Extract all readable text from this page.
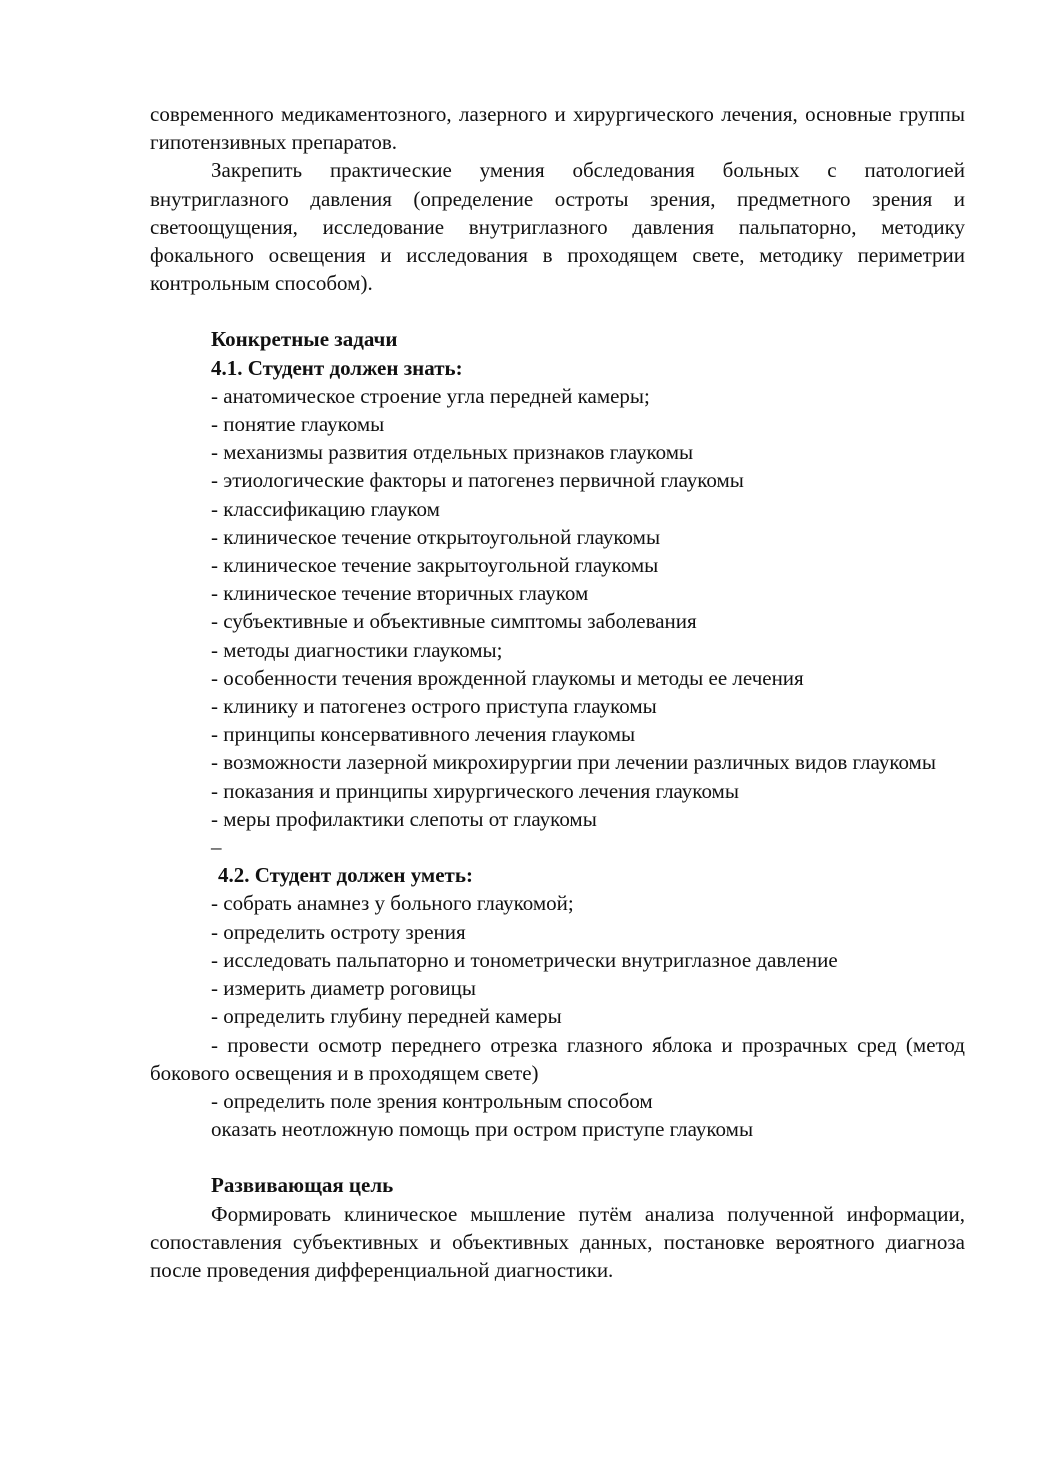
современного медикаментозного, лазерного и хирургического лечения, основные группы гипотензивных препаратов.

Закрепить практические умения обследования больных с патологией внутриглазного давления (определение остроты зрения, предметного зрения и светоощущения, исследование внутриглазного давления пальпаторно, методику фокального освещения и исследования в проходящем свете, методику периметрии контрольным способом).

Конкретные задачи

4.1. Студент должен знать:

- анатомическое строение угла передней камеры;

- понятие глаукомы

- механизмы развития отдельных признаков глаукомы

- этиологические факторы и патогенез первичной глаукомы

- классификацию глауком

- клиническое течение открытоугольной глаукомы

- клиническое течение закрытоугольной глаукомы

- клиническое течение вторичных глауком

- субъективные и объективные симптомы заболевания

- методы диагностики глаукомы;

- особенности течения врожденной глаукомы и методы ее лечения

- клинику и патогенез острого приступа глаукомы

- принципы консервативного лечения глаукомы

- возможности лазерной микрохирургии при лечении различных видов глаукомы

- показания и принципы хирургического лечения глаукомы

- меры профилактики слепоты от глаукомы

–

4.2. Студент должен уметь:

- собрать анамнез у больного глаукомой;

- определить остроту зрения

- исследовать пальпаторно и тонометрически внутриглазное давление

- измерить диаметр роговицы

- определить глубину передней камеры

- провести осмотр переднего отрезка глазного яблока и прозрачных сред (метод бокового освещения и в проходящем свете)

- определить поле зрения контрольным способом

оказать неотложную помощь при остром приступе глаукомы

Развивающая цель

Формировать клиническое мышление путём анализа полученной информации, сопоставления субъективных и объективных данных, постановке вероятного диагноза после проведения дифференциальной диагностики.
